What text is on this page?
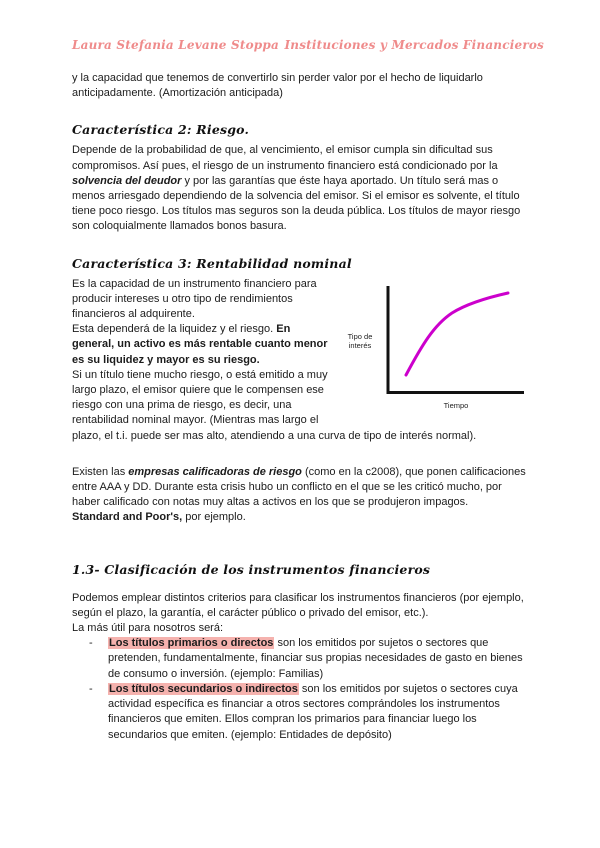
Laura Stefania Levane Stoppa Instituciones y Mercados Financieros

y la capacidad que tenemos de convertirlo sin perder valor por el hecho de liquidarlo anticipadamente. (Amortización anticipada)

Característica 2: Riesgo.

Depende de la probabilidad de que, al vencimiento, el emisor cumpla sin dificultad sus compromisos. Así pues, el riesgo de un instrumento financiero está condicionado por la solvencia del deudor y por las garantías que éste haya aportado. Un título será mas o menos arriesgado dependiendo de la solvencia del emisor. Si el emisor es solvente, el título tiene poco riesgo. Los títulos mas seguros son la deuda pública. Los títulos de mayor riesgo son coloquialmente llamados bonos basura.

Característica 3: Rentabilidad nominal
Tipo de
interés
Tiempo

Es la capacidad de un instrumento financiero para producir intereses u otro tipo de rendimientos financieros al adquirente.

Esta dependerá de la liquidez y el riesgo. En general, un activo es más rentable cuanto menor es su liquidez y mayor es su riesgo.

Si un título tiene mucho riesgo, o está emitido a muy largo plazo, el emisor quiere que le compensen ese riesgo con una prima de riesgo, es decir, una rentabilidad nominal mayor. (Mientras mas largo el plazo, el t.i. puede ser mas alto, atendiendo a una curva de tipo de interés normal).

Existen las empresas calificadoras de riesgo (como en la c2008), que ponen calificaciones entre AAA y DD. Durante esta crisis hubo un conflicto en el que se les criticó mucho, por haber calificado con notas muy altas a activos en los que se produjeron impagos.

Standard and Poor's, por ejemplo.

1.3- Clasificación de los instrumentos financieros

Podemos emplear distintos criterios para clasificar los instrumentos financieros (por ejemplo, según el plazo, la garantía, el carácter público o privado del emisor, etc.).

La más útil para nosotros será:

- Los títulos primarios o directos son los emitidos por sujetos o sectores que pretenden, fundamentalmente, financiar sus propias necesidades de gasto en bienes de consumo o inversión. (ejemplo: Familias)
- Los títulos secundarios o indirectos son los emitidos por sujetos o sectores cuya actividad específica es financiar a otros sectores comprándoles los instrumentos financieros que emiten. Ellos compran los primarios para financiar luego los secundarios que emiten. (ejemplo: Entidades de depósito)
